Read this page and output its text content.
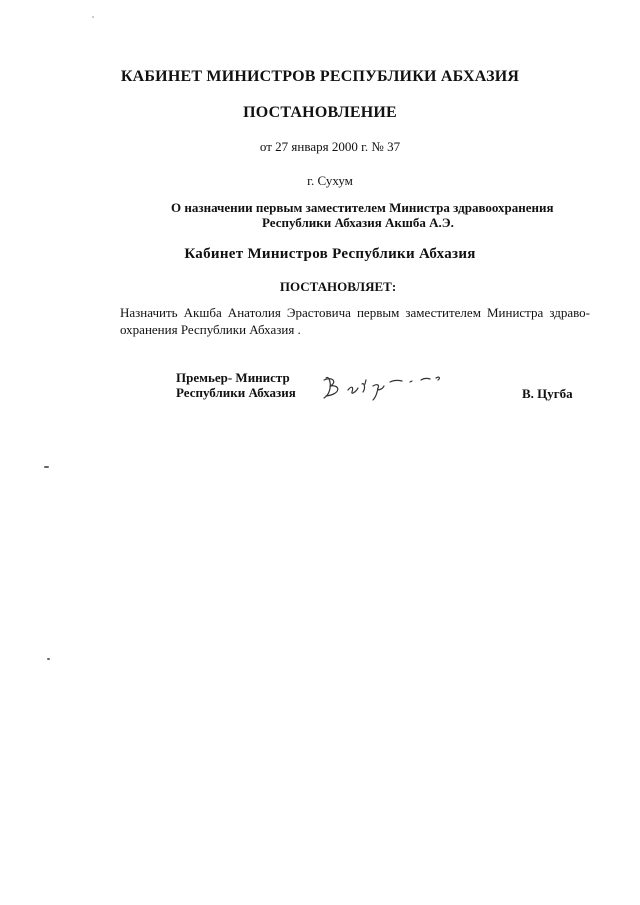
КАБИНЕТ МИНИСТРОВ РЕСПУБЛИКИ АБХАЗИЯ
ПОСТАНОВЛЕНИЕ
от 27 января 2000 г. № 37
г. Сухум
О назначении первым заместителем Министра здравоохранения
Республики Абхазия Акшба А.Э.
Кабинет Министров Республики Абхазия
ПОСТАНОВЛЯЕТ:
Назначить Акшба Анатолия Эрастовича первым заместителем Министра здраво-
охранения Республики Абхазия .
Премьер- Министр
Республики Абхазия	В. Цугба
